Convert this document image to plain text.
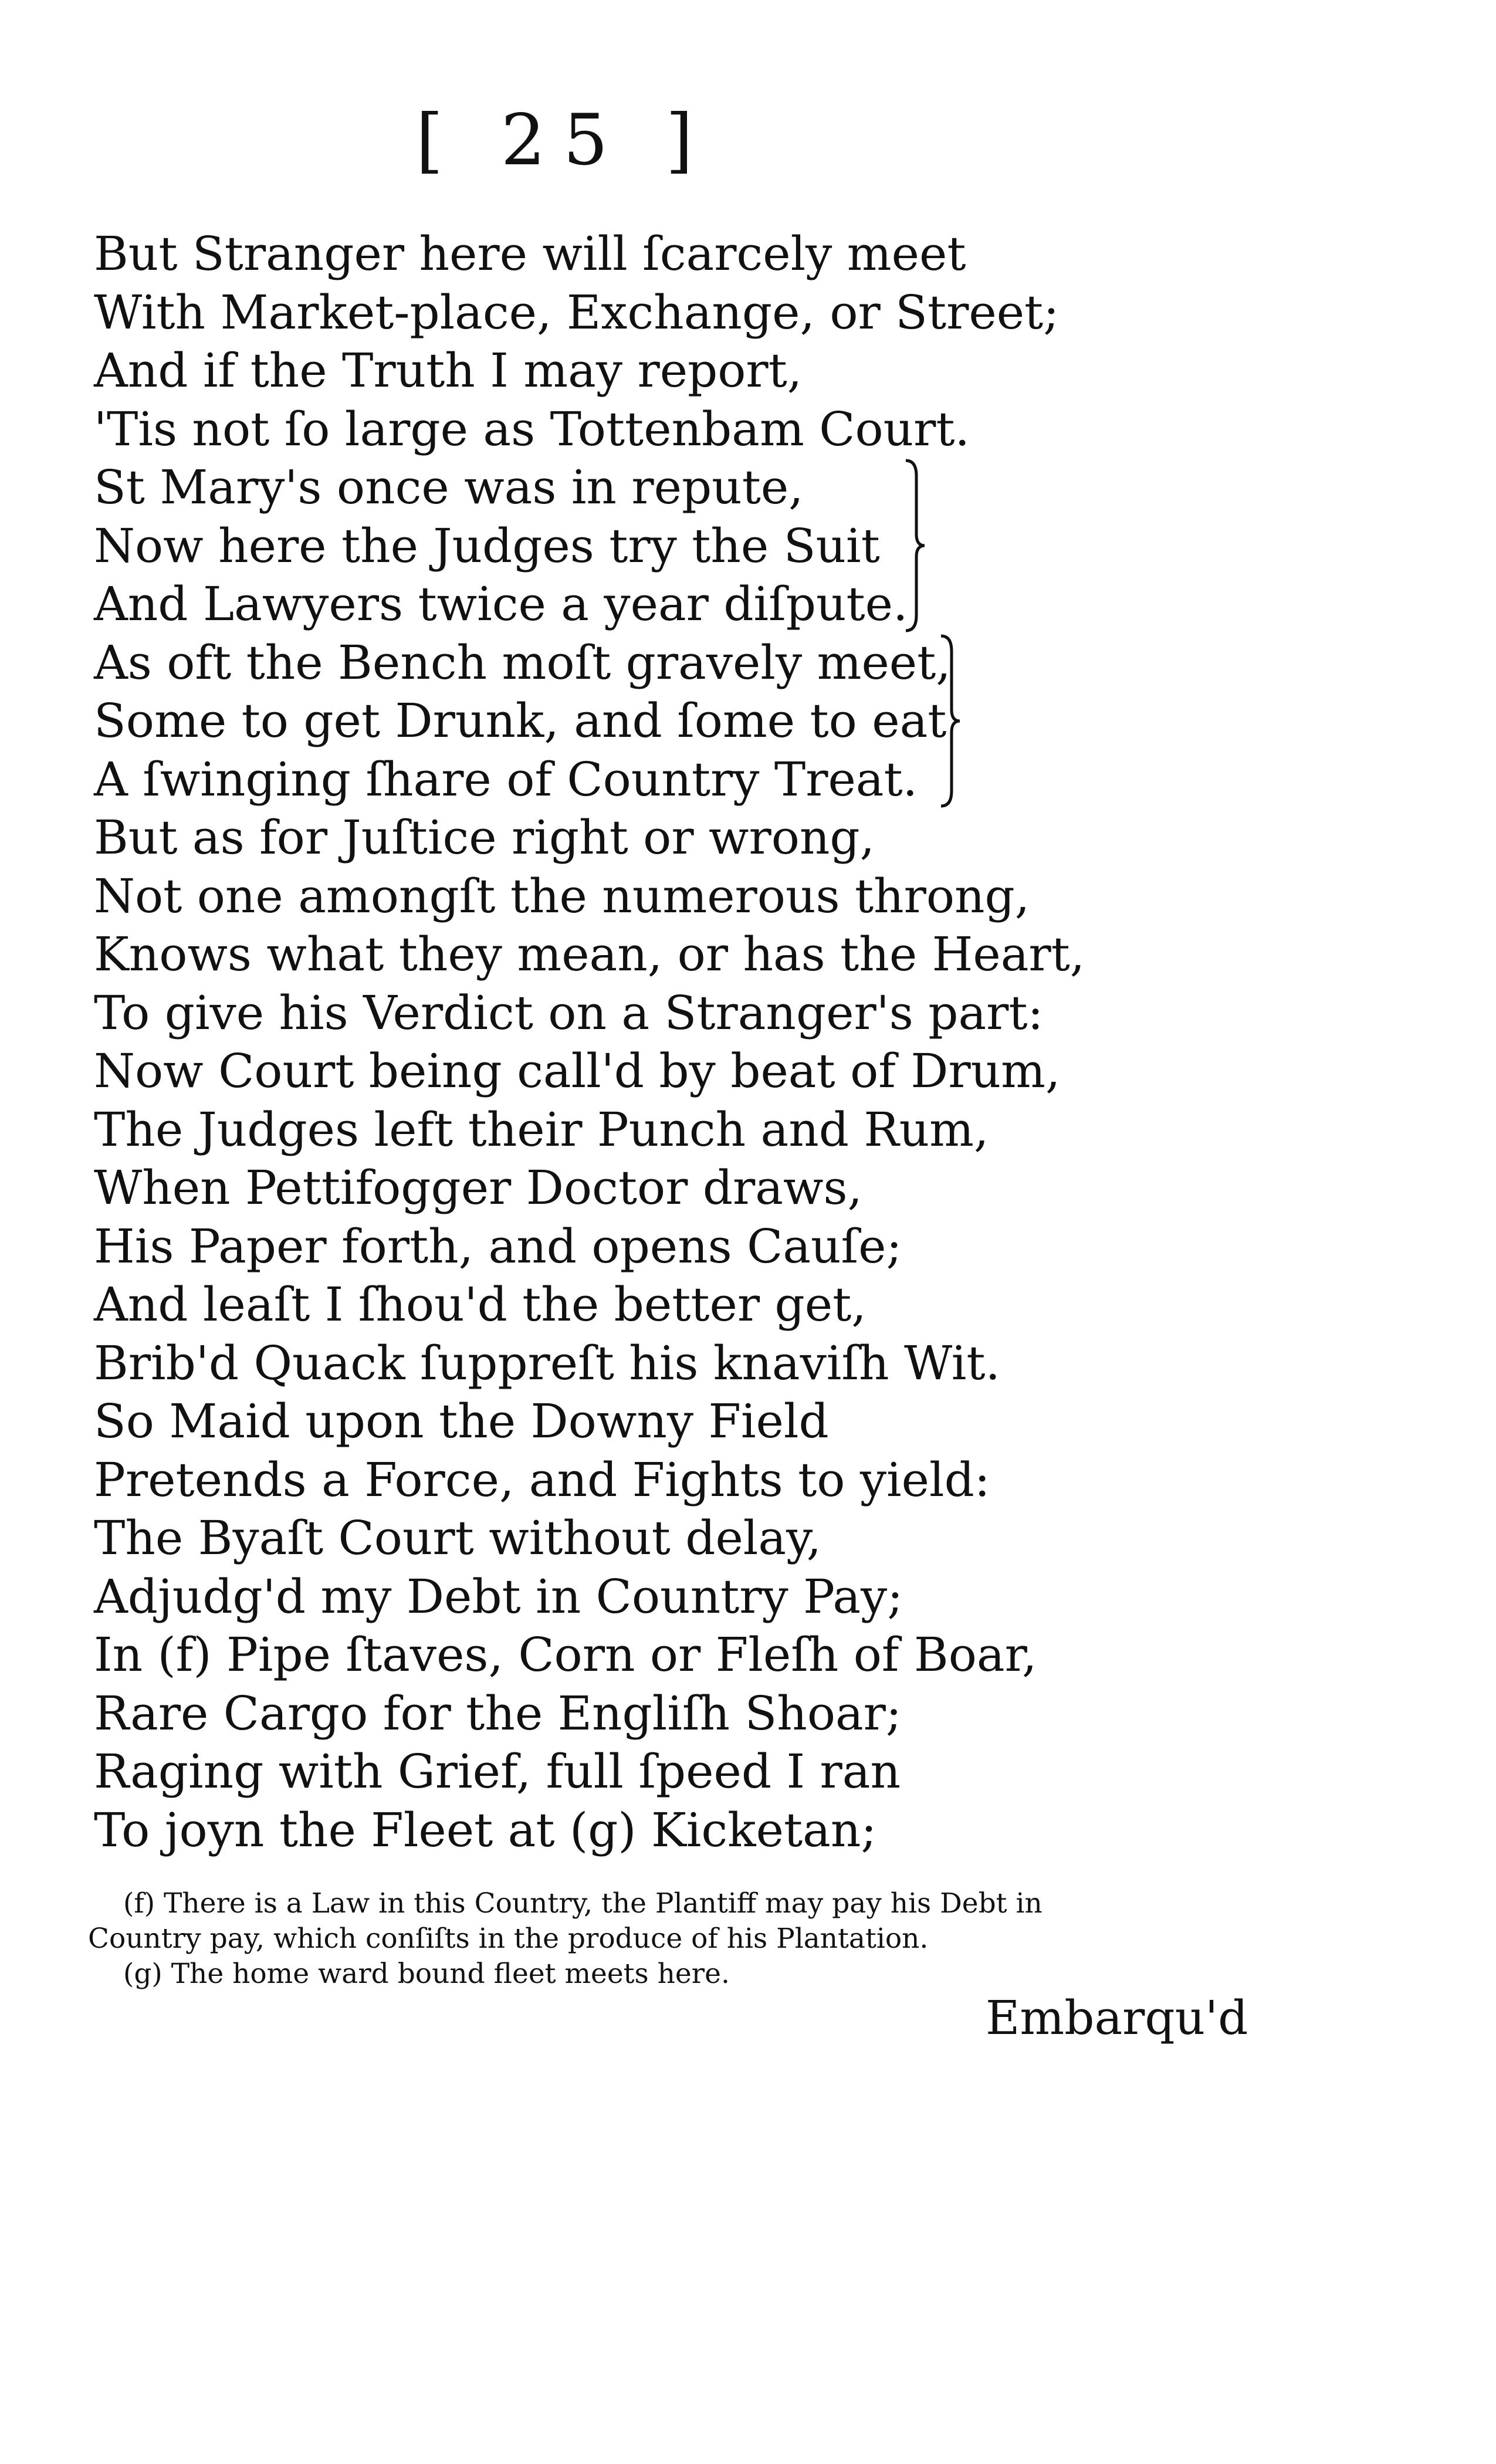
[ 25 ]
But Stranger here will ſcarcely meet
With Market-place, Exchange, or Street;
And if the Truth I may report,
'Tis not ſo large as Tottenbam Court.
St Mary's once was in repute,
Now here the Judges try the Suit
And Lawyers twice a year diſpute.
As oft the Bench moſt gravely meet,
Some to get Drunk, and ſome to eat
A ſwinging ſhare of Country Treat.
But as for Juſtice right or wrong,
Not one amongſt the numerous throng,
Knows what they mean, or has the Heart,
To give his Verdict on a Stranger's part:
Now Court being call'd by beat of Drum,
The Judges left their Punch and Rum,
When Pettifogger Doctor draws,
His Paper forth, and opens Cauſe;
And leaſt I ſhou'd the better get,
Brib'd Quack ſuppreſt his knaviſh Wit.
So Maid upon the Downy Field
Pretends a Force, and Fights to yield:
The Byaſt Court without delay,
Adjudg'd my Debt in Country Pay;
In (f) Pipe ſtaves, Corn or Fleſh of Boar,
Rare Cargo for the Engliſh Shoar;
Raging with Grief, full ſpeed I ran
To joyn the Fleet at (g) Kicketan;
(f) There is a Law in this Country, the Plantiff may pay his Debt in
Country pay, which conſiſts in the produce of his Plantation.
(g) The home ward bound fleet meets here.
Embarqu'd
